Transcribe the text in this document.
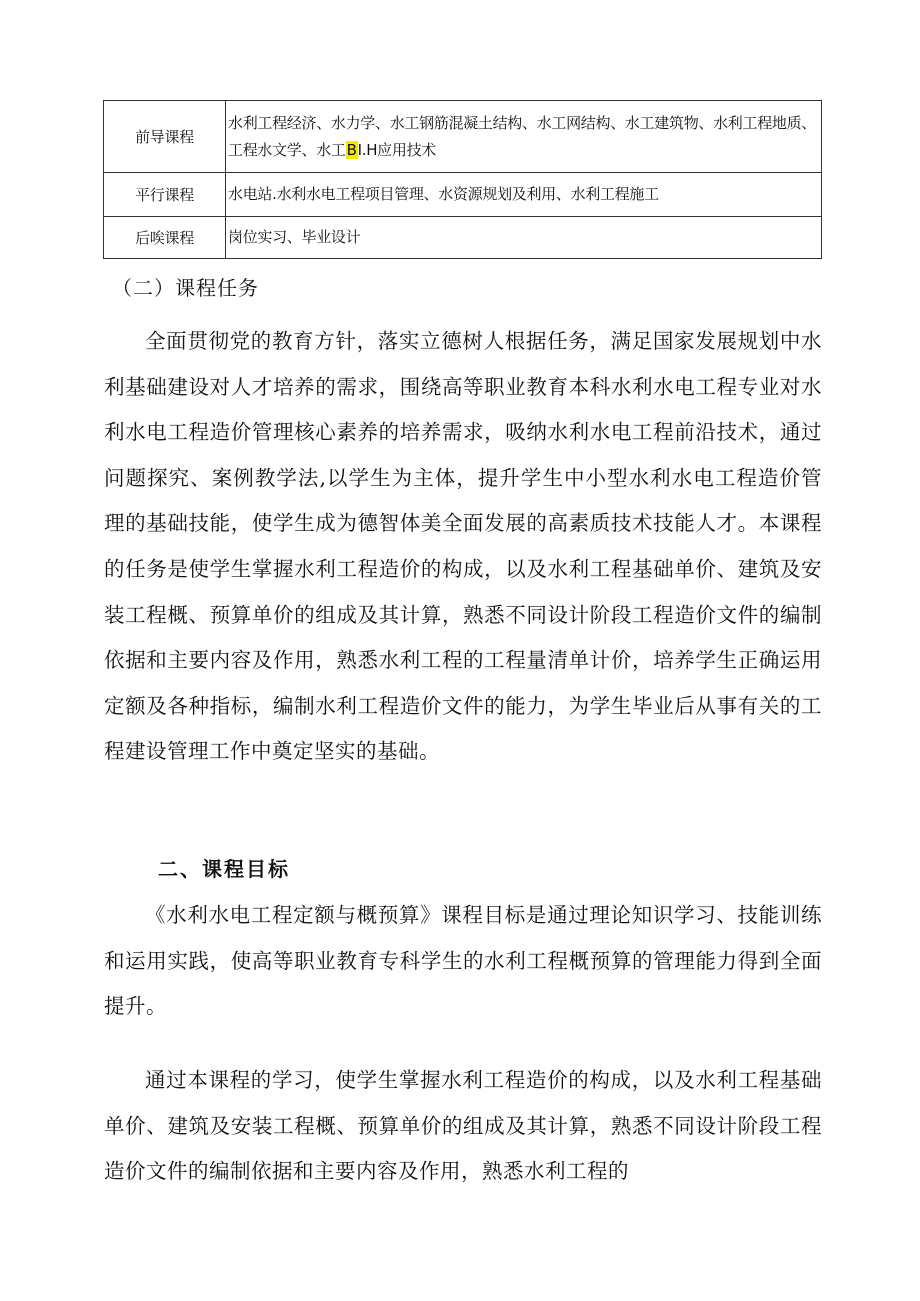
前导课程	水利工程经济、水力学、水工钢筋混凝土结构、水工网结构、水工建筑物、水利工程地质、工程水文学、水工BI.H应用技术
平行课程	水电站.水利水电工程项目管理、水资源规划及利用、水利工程施工
后唉课程	岗位实习、毕业设计
（二）课程任务

全面贯彻党的教育方针，落实立德树人根据任务，满足国家发展规划中水利基础建设对人才培养的需求，围绕高等职业教育本科水利水电工程专业对水利水电工程造价管理核心素养的培养需求，吸纳水利水电工程前沿技术，通过问题探究、案例教学法,以学生为主体，提升学生中小型水利水电工程造价管理的基础技能，使学生成为德智体美全面发展的高素质技术技能人才。本课程的任务是使学生掌握水利工程造价的构成，以及水利工程基础单价、建筑及安装工程概、预算单价的组成及其计算，熟悉不同设计阶段工程造价文件的编制依据和主要内容及作用，熟悉水利工程的工程量清单计价，培养学生正确运用定额及各种指标，编制水利工程造价文件的能力，为学生毕业后从事有关的工程建设管理工作中奠定坚实的基础。

二、课程目标

《水利水电工程定额与概预算》课程目标是通过理论知识学习、技能训练和运用实践，使高等职业教育专科学生的水利工程概预算的管理能力得到全面提升。

通过本课程的学习，使学生掌握水利工程造价的构成，以及水利工程基础单价、建筑及安装工程概、预算单价的组成及其计算，熟悉不同设计阶段工程造价文件的编制依据和主要内容及作用，熟悉水利工程的
